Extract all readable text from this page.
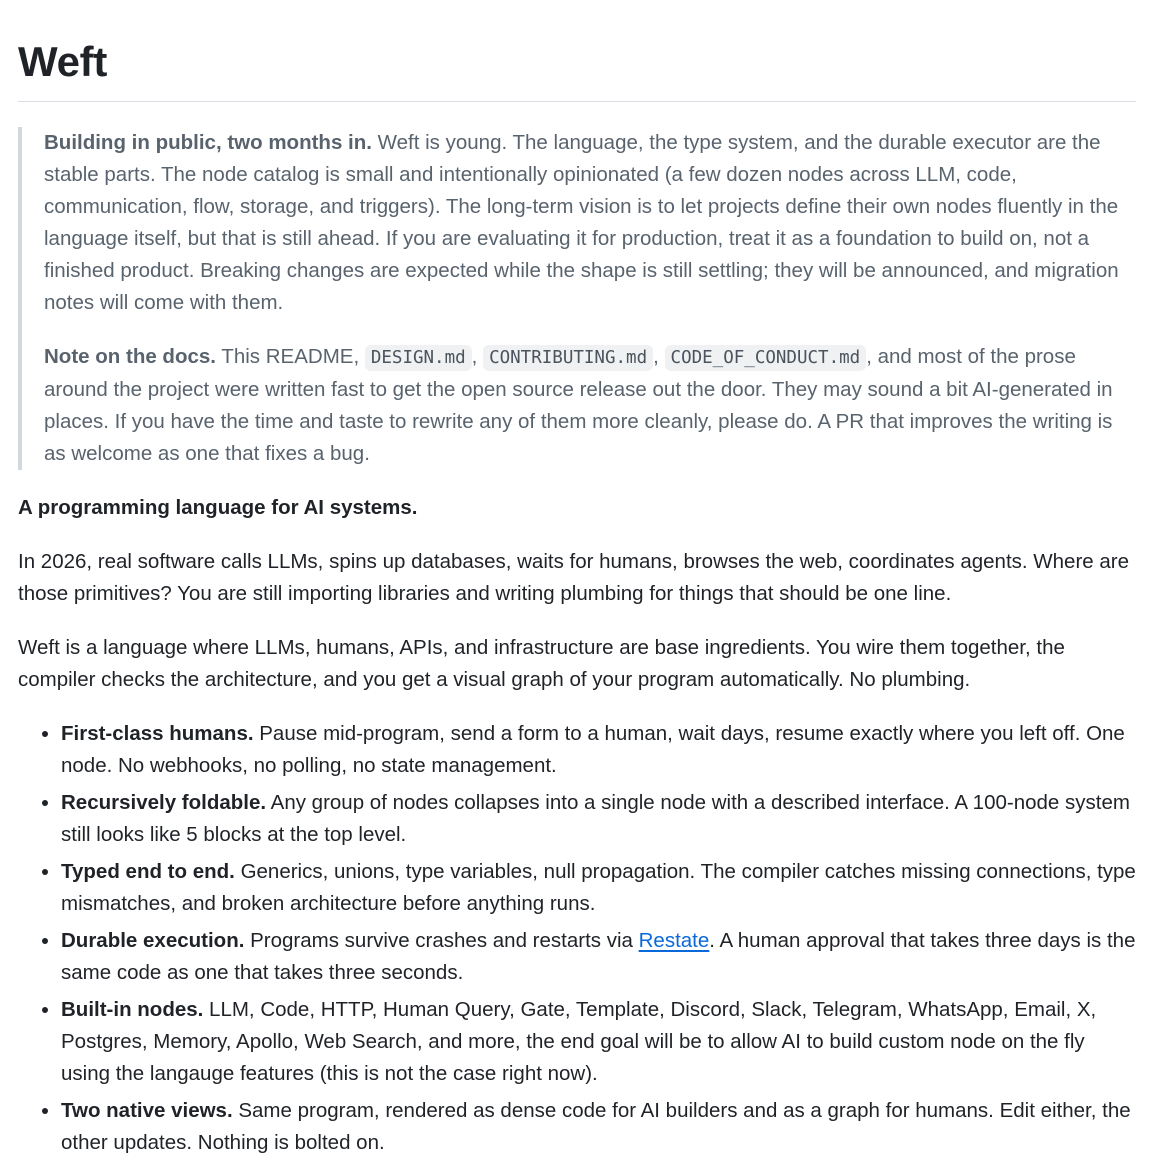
Weft

Building in public, two months in. Weft is young. The language, the type system, and the durable executor are the stable parts. The node catalog is small and intentionally opinionated (a few dozen nodes across LLM, code, communication, flow, storage, and triggers). The long-term vision is to let projects define their own nodes fluently in the language itself, but that is still ahead. If you are evaluating it for production, treat it as a foundation to build on, not a finished product. Breaking changes are expected while the shape is still settling; they will be announced, and migration notes will come with them.

Note on the docs. This README, DESIGN.md , CONTRIBUTING.md , CODE_OF_CONDUCT.md , and most of the prose around the project were written fast to get the open source release out the door. They may sound a bit AI-generated in places. If you have the time and taste to rewrite any of them more cleanly, please do. A PR that improves the writing is as welcome as one that fixes a bug.

A programming language for AI systems.

In 2026, real software calls LLMs, spins up databases, waits for humans, browses the web, coordinates agents. Where are those primitives? You are still importing libraries and writing plumbing for things that should be one line.

Weft is a language where LLMs, humans, APIs, and infrastructure are base ingredients. You wire them together, the compiler checks the architecture, and you get a visual graph of your program automatically. No plumbing.

• First-class humans. Pause mid-program, send a form to a human, wait days, resume exactly where you left off. One node. No webhooks, no polling, no state management.
• Recursively foldable. Any group of nodes collapses into a single node with a described interface. A 100-node system still looks like 5 blocks at the top level.
• Typed end to end. Generics, unions, type variables, null propagation. The compiler catches missing connections, type mismatches, and broken architecture before anything runs.
• Durable execution. Programs survive crashes and restarts via Restate. A human approval that takes three days is the same code as one that takes three seconds.
• Built-in nodes. LLM, Code, HTTP, Human Query, Gate, Template, Discord, Slack, Telegram, WhatsApp, Email, X, Postgres, Memory, Apollo, Web Search, and more, the end goal will be to allow AI to build custom node on the fly using the langauge features (this is not the case right now).
• Two native views. Same program, rendered as dense code for AI builders and as a graph for humans. Edit either, the other updates. Nothing is bolted on.
